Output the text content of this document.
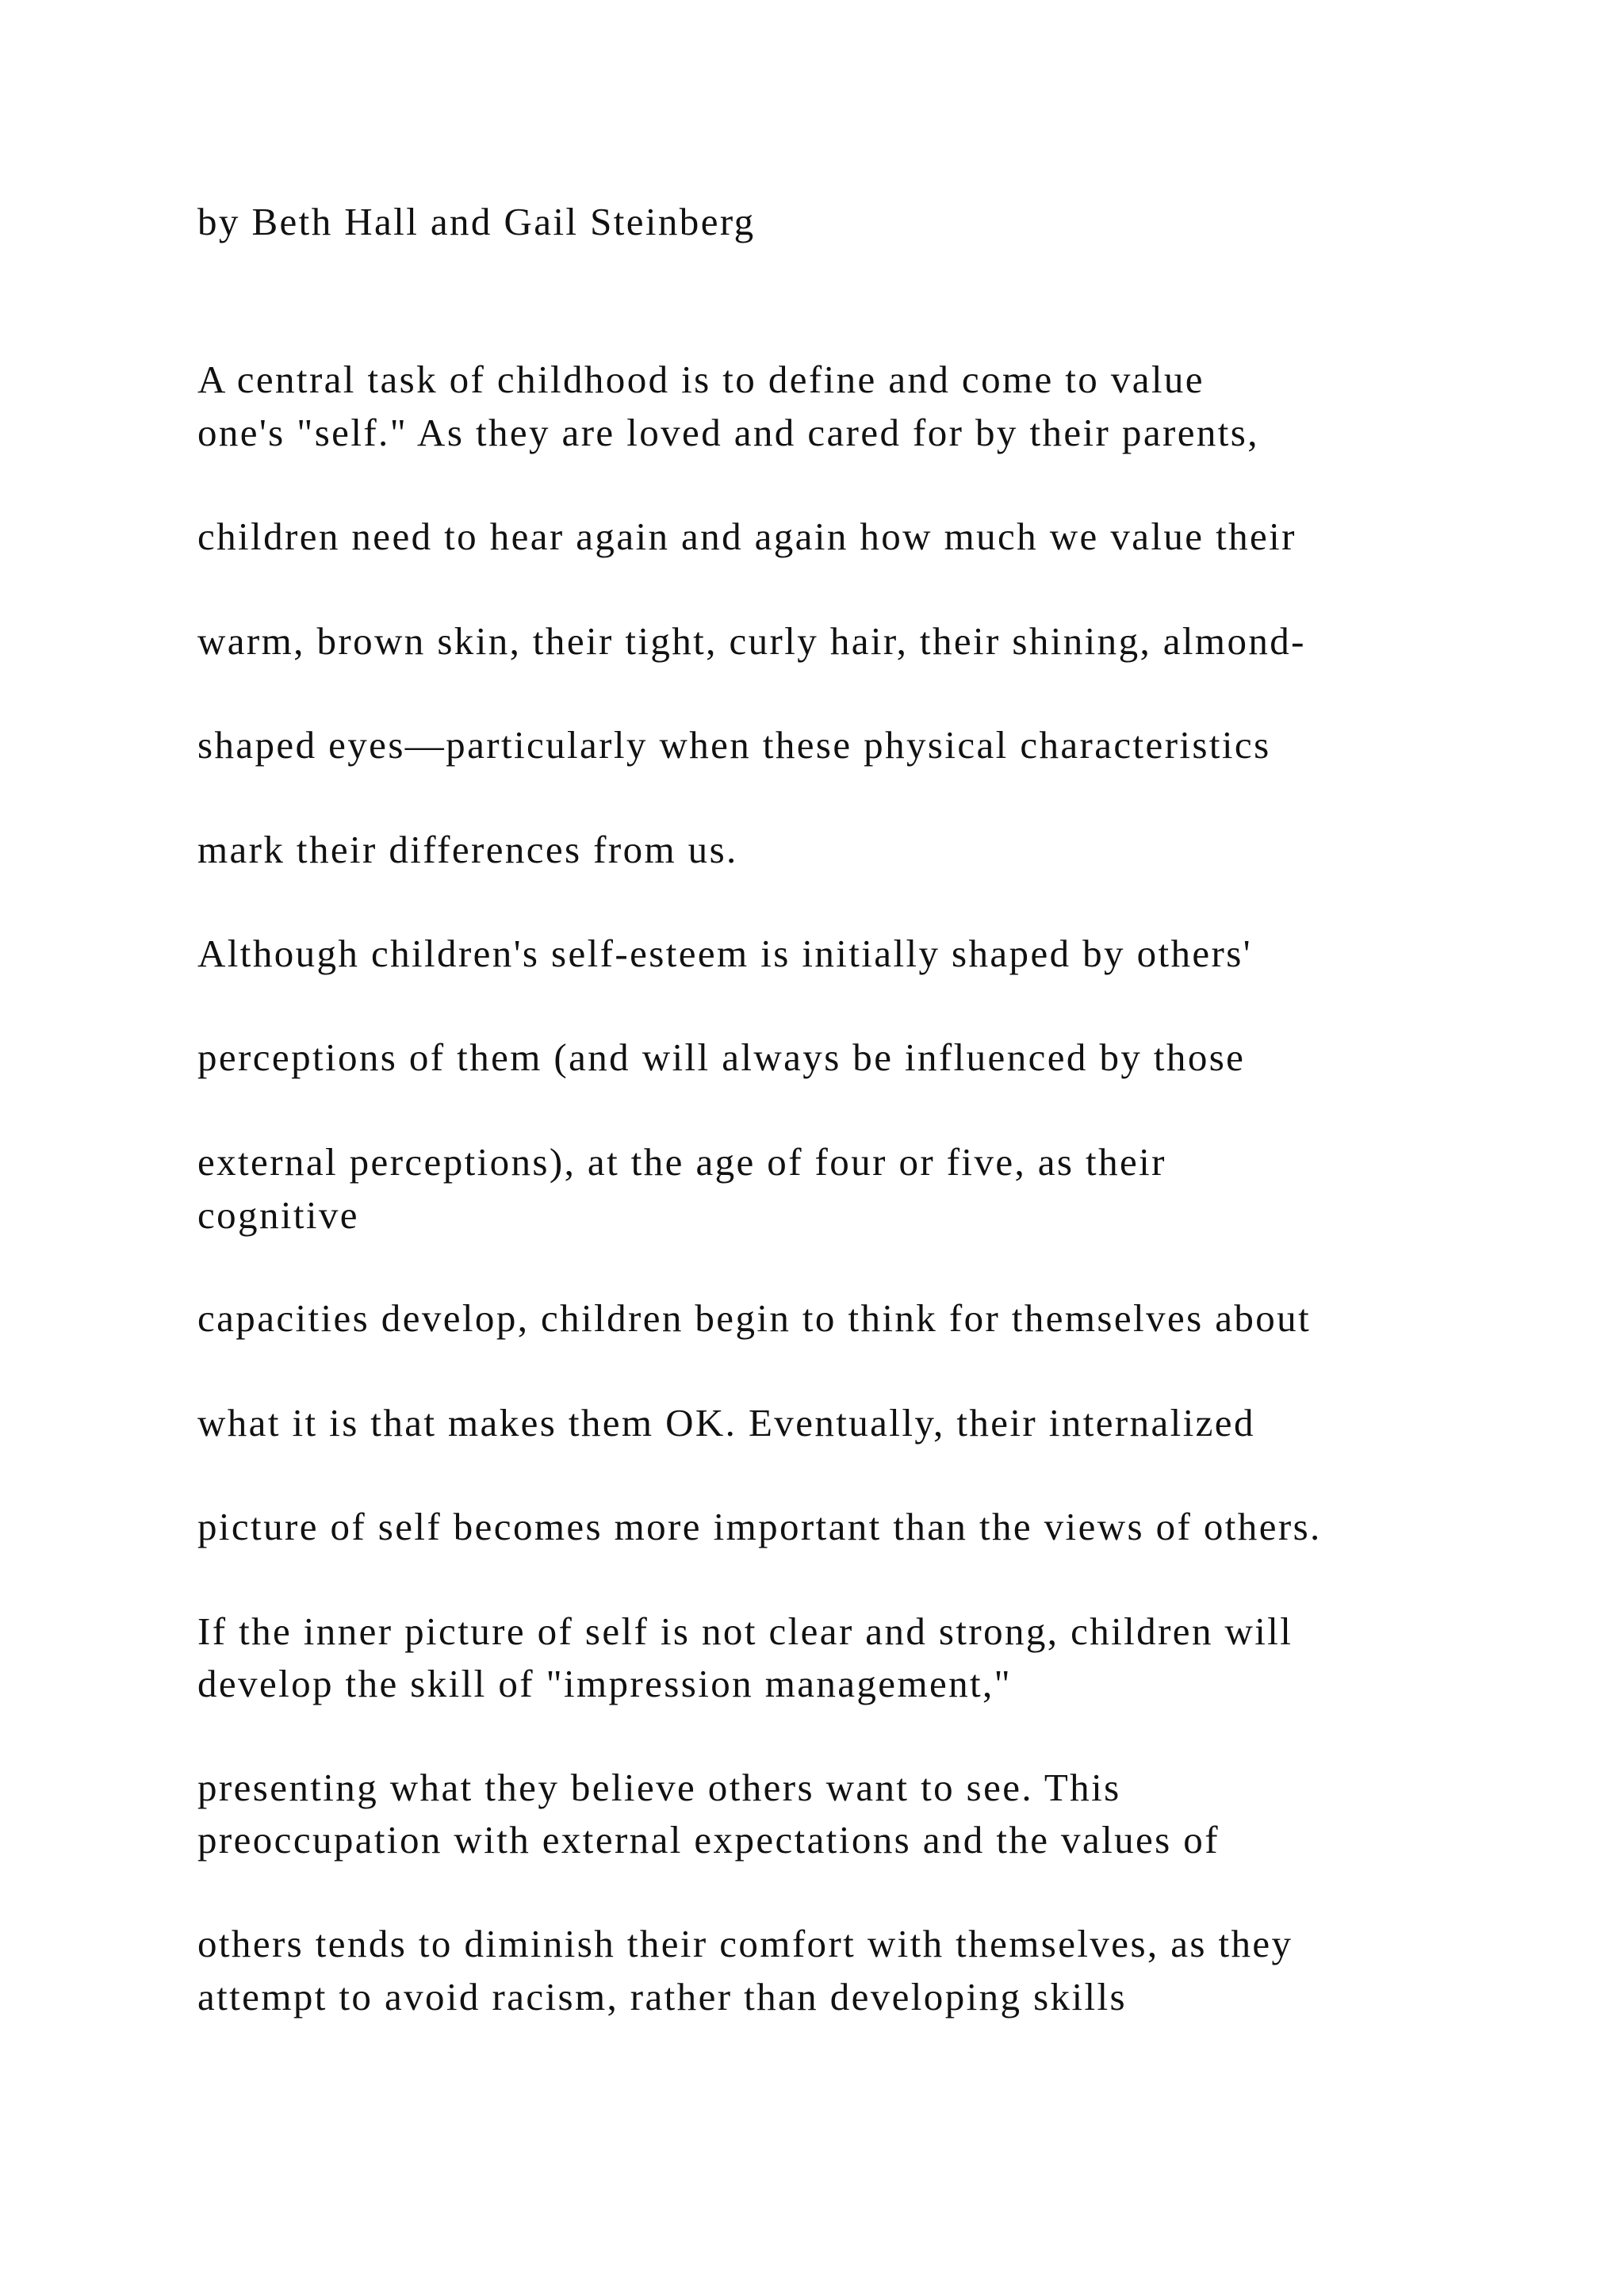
by Beth Hall and Gail Steinberg

A central task of childhood is to define and come to value

one's "self." As they are loved and cared for by their parents,

children need to hear again and again how much we value their

warm, brown skin, their tight, curly hair, their shining, almond-

shaped eyes—particularly when these physical characteristics

mark their differences from us.

Although children's self-esteem is initially shaped by others'

perceptions of them (and will always be influenced by those

external perceptions), at the age of four or five, as their

cognitive

capacities develop, children begin to think for themselves about

what it is that makes them OK. Eventually, their internalized

picture of self becomes more important than the views of others.

If the inner picture of self is not clear and strong, children will

develop the skill of "impression management,"

presenting what they believe others want to see. This

preoccupation with external expectations and the values of

others tends to diminish their comfort with themselves, as they

attempt to avoid racism, rather than developing skills
